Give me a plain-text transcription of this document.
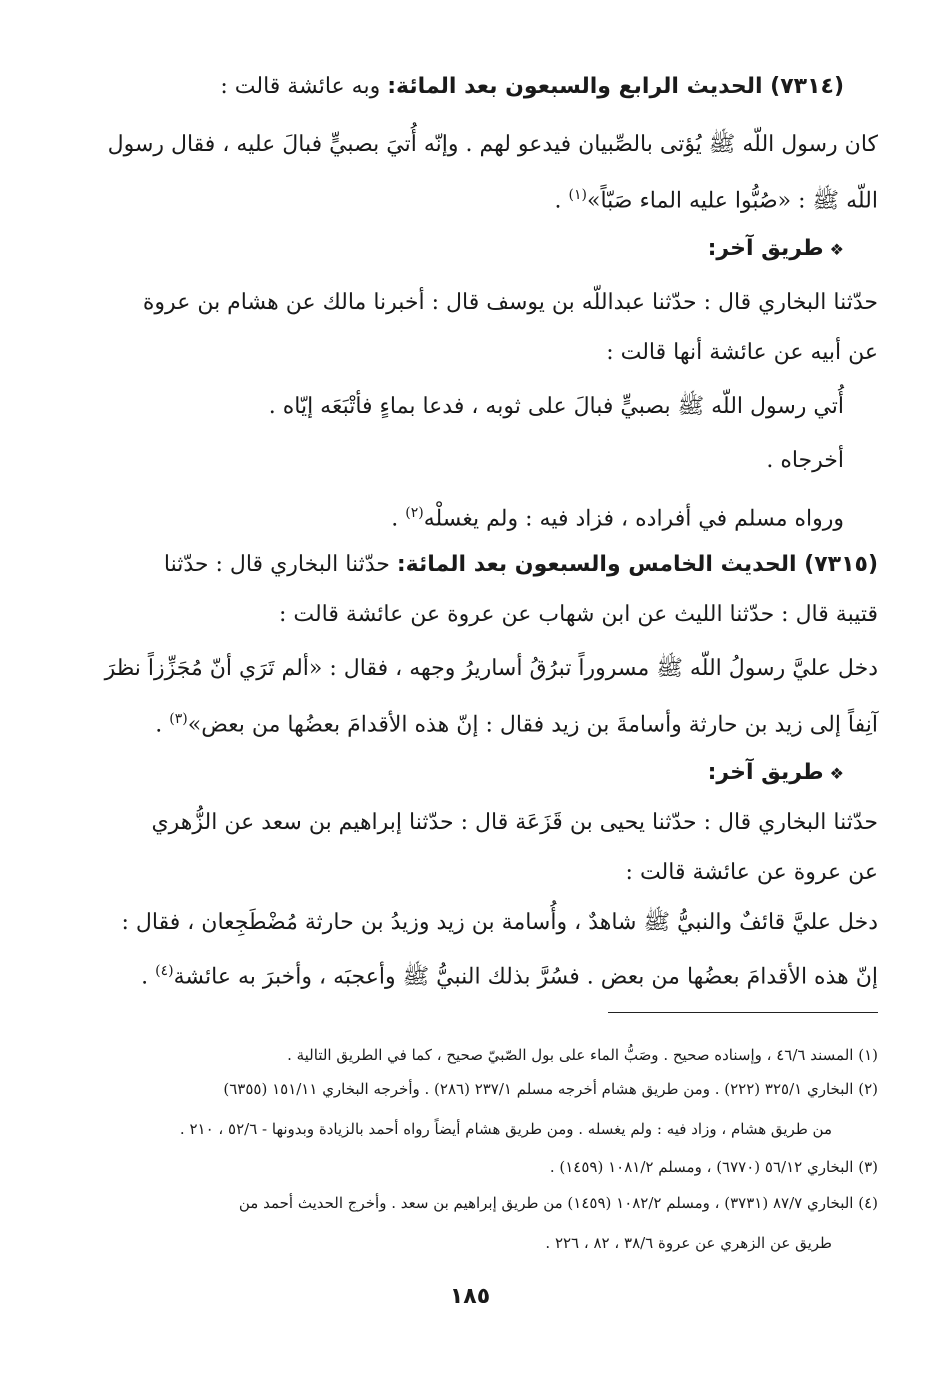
(٧٣١٤) الحديث الرابع والسبعون بعد المائة: وبه عائشة قالت :
كان رسول اللّه ﷺ يُؤتى بالصِّبيان فيدعو لهم . وإنّه أُتيَ بصبيٍّ فبالَ عليه ، فقال رسول
اللّه ﷺ : «صُبُّوا عليه الماء صَبّاً»$^{(١)}$ .
❖طريق آخر:
حدّثنا البخاري قال : حدّثنا عبداللّه بن يوسف قال : أخبرنا مالك عن هشام بن عروة
عن أبيه عن عائشة أنها قالت :
أُتي رسول اللّه ﷺ بصبيٍّ فبالَ على ثوبه ، فدعا بماءٍ فأتْبَعَه إيّاه .
أخرجاه .
ورواه مسلم في أفراده ، فزاد فيه : ولم يغسلْه$^{(٢)}$ .
(٧٣١٥) الحديث الخامس والسبعون بعد المائة: حدّثنا البخاري قال : حدّثنا
قتيبة قال : حدّثنا الليث عن ابن شهاب عن عروة عن عائشة قالت :
دخل عليَّ رسولُ اللّه ﷺ مسروراً تبرُقُ أساريرُ وجهه ، فقال : «ألم تَرَي أنّ مُجَزِّزاً نظرَ
آنِفاً إلى زيد بن حارثة وأسامةَ بن زيد فقال : إنّ هذه الأقدامَ بعضُها من بعض»$^{(٣)}$ .
❖طريق آخر:
حدّثنا البخاري قال : حدّثنا يحيى بن قَزَعَة قال : حدّثنا إبراهيم بن سعد عن الزُّهري
عن عروة عن عائشة قالت :
دخل عليَّ قائفٌ والنبيُّ ﷺ شاهدٌ ، وأُسامة بن زيد وزيدُ بن حارثة مُضْطَجِعان ، فقال :
إنّ هذه الأقدامَ بعضُها من بعض . فسُرَّ بذلك النبيُّ ﷺ وأعجبَه ، وأخبرَ به عائشة$^{(٤)}$ .
(١) المسند ٤٦/٦ ، وإسناده صحيح . وصَبُّ الماء على بول الصّبيّ صحيح ، كما في الطريق التالية .
(٢) البخاري ٣٢٥/١ (٢٢٢) . ومن طريق هشام أخرجه مسلم ٢٣٧/١ (٢٨٦) . وأخرجه البخاري ١٥١/١١ (٦٣٥٥)
من طريق هشام ، وزاد فيه : ولم يغسله . ومن طريق هشام أيضاً رواه أحمد بالزيادة وبدونها - ٥٢/٦ ، ٢١٠ .
(٣) البخاري ٥٦/١٢ (٦٧٧٠) ، ومسلم ١٠٨١/٢ (١٤٥٩) .
(٤) البخاري ٨٧/٧ (٣٧٣١) ، ومسلم ١٠٨٢/٢ (١٤٥٩) من طريق إبراهيم بن سعد . وأخرج الحديث أحمد من
طريق عن الزهري عن عروة ٣٨/٦ ، ٨٢ ، ٢٢٦ .
١٨٥
